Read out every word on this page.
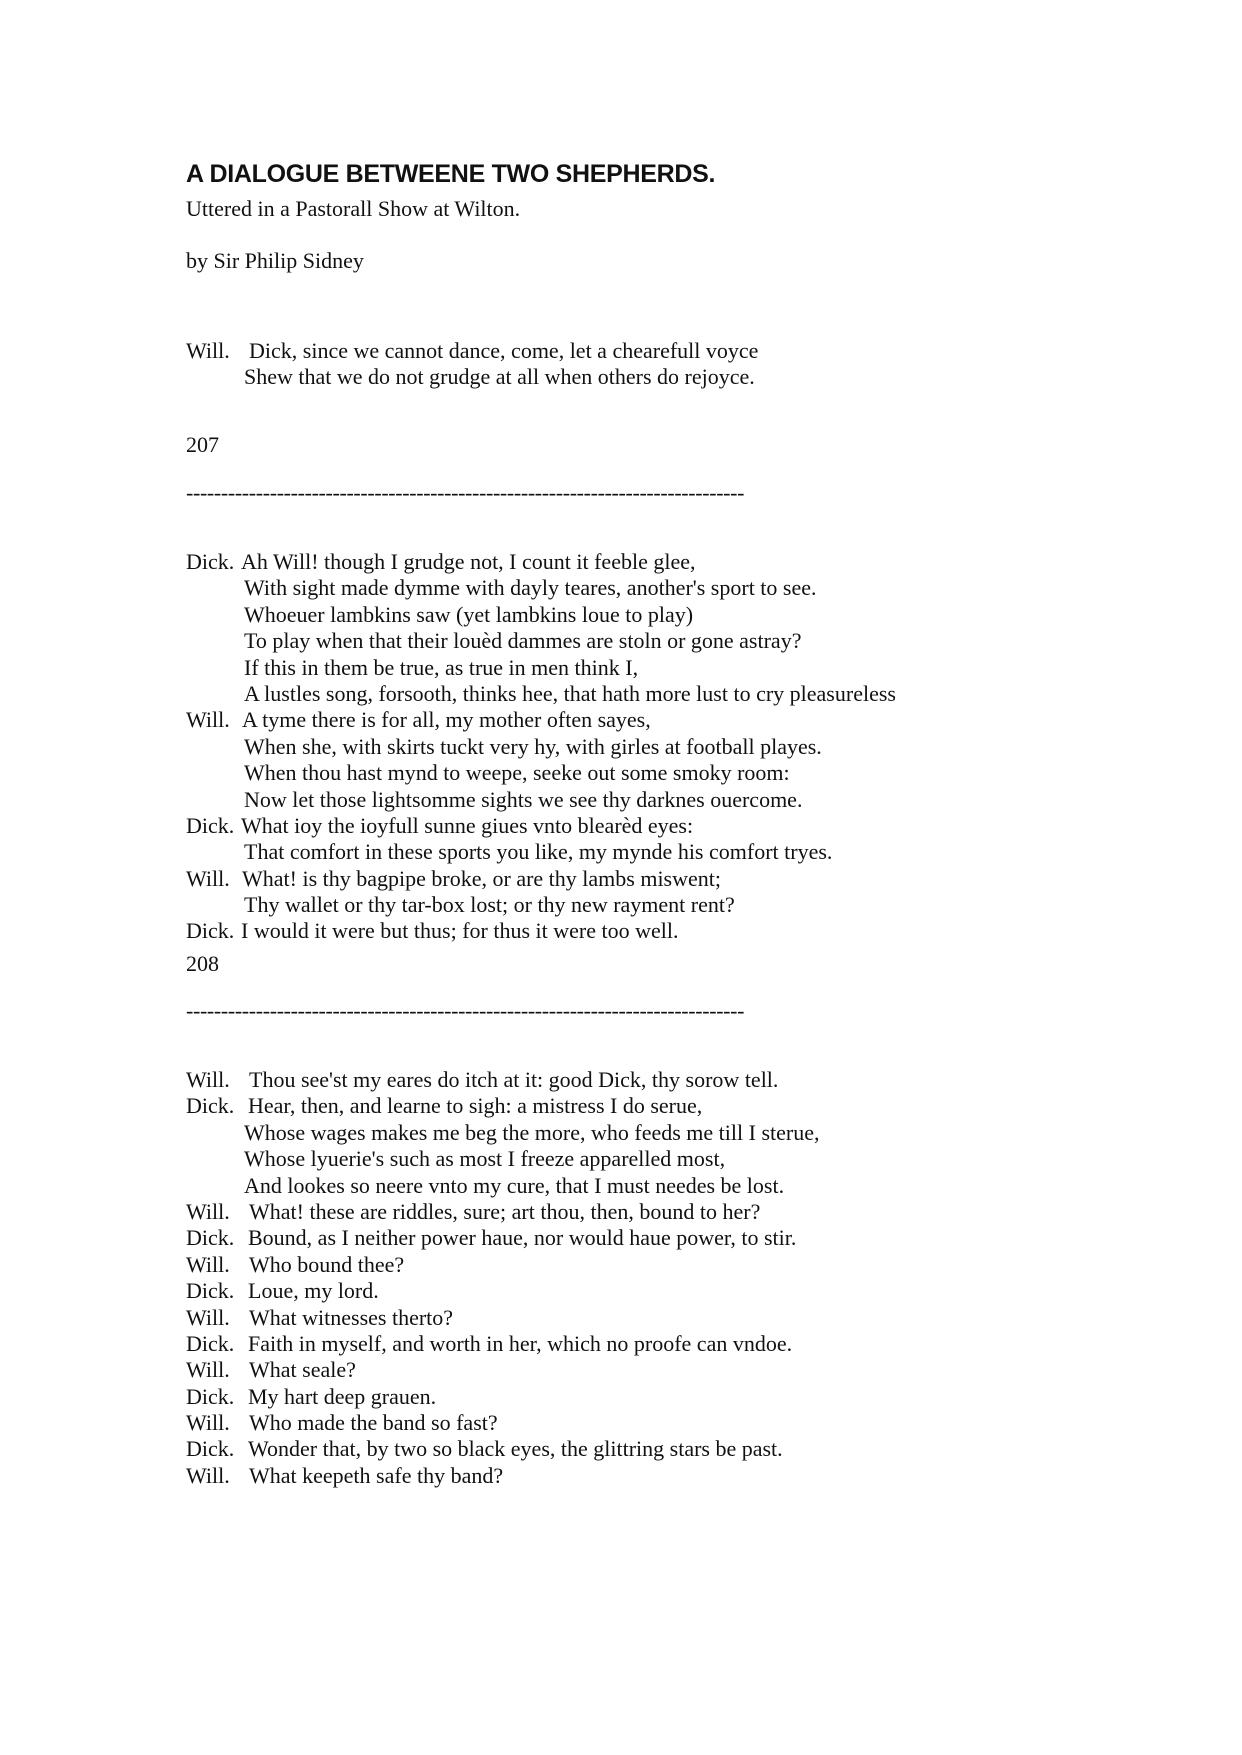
A DIALOGUE BETWEENE TWO SHEPHERDS.
Uttered in a Pastorall Show at Wilton.
by Sir Philip Sidney
Will. Dick, since we cannot dance, come, let a chearefull voyce
Shew that we do not grudge at all when others do rejoyce.
207
--------------------------------------------------------------------------------
Dick. Ah Will! though I grudge not, I count it feeble glee,
With sight made dymme with dayly teares, another's sport to see.
Whoeuer lambkins saw (yet lambkins loue to play)
To play when that their louèd dammes are stoln or gone astray?
If this in them be true, as true in men think I,
A lustles song, forsooth, thinks hee, that hath more lust to cry pleasureless
Will. A tyme there is for all, my mother often sayes,
When she, with skirts tuckt very hy, with girles at football playes.
When thou hast mynd to weepe, seeke out some smoky room:
Now let those lightsomme sights we see thy darknes ouercome.
Dick. What ioy the ioyfull sunne giues vnto blearèd eyes:
That comfort in these sports you like, my mynde his comfort tryes.
Will. What! is thy bagpipe broke, or are thy lambs miswent;
Thy wallet or thy tar-box lost; or thy new rayment rent?
Dick. I would it were but thus; for thus it were too well.
208
--------------------------------------------------------------------------------
Will. Thou see'st my eares do itch at it: good Dick, thy sorow tell.
Dick. Hear, then, and learne to sigh: a mistress I do serue,
Whose wages makes me beg the more, who feeds me till I sterue,
Whose lyuerie's such as most I freeze apparelled most,
And lookes so neere vnto my cure, that I must needes be lost.
Will. What! these are riddles, sure; art thou, then, bound to her?
Dick. Bound, as I neither power haue, nor would haue power, to stir.
Will. Who bound thee?
Dick. Loue, my lord.
Will. What witnesses therto?
Dick. Faith in myself, and worth in her, which no proofe can vndoe.
Will. What seale?
Dick. My hart deep grauen.
Will. Who made the band so fast?
Dick. Wonder that, by two so black eyes, the glittring stars be past.
Will. What keepeth safe thy band?
